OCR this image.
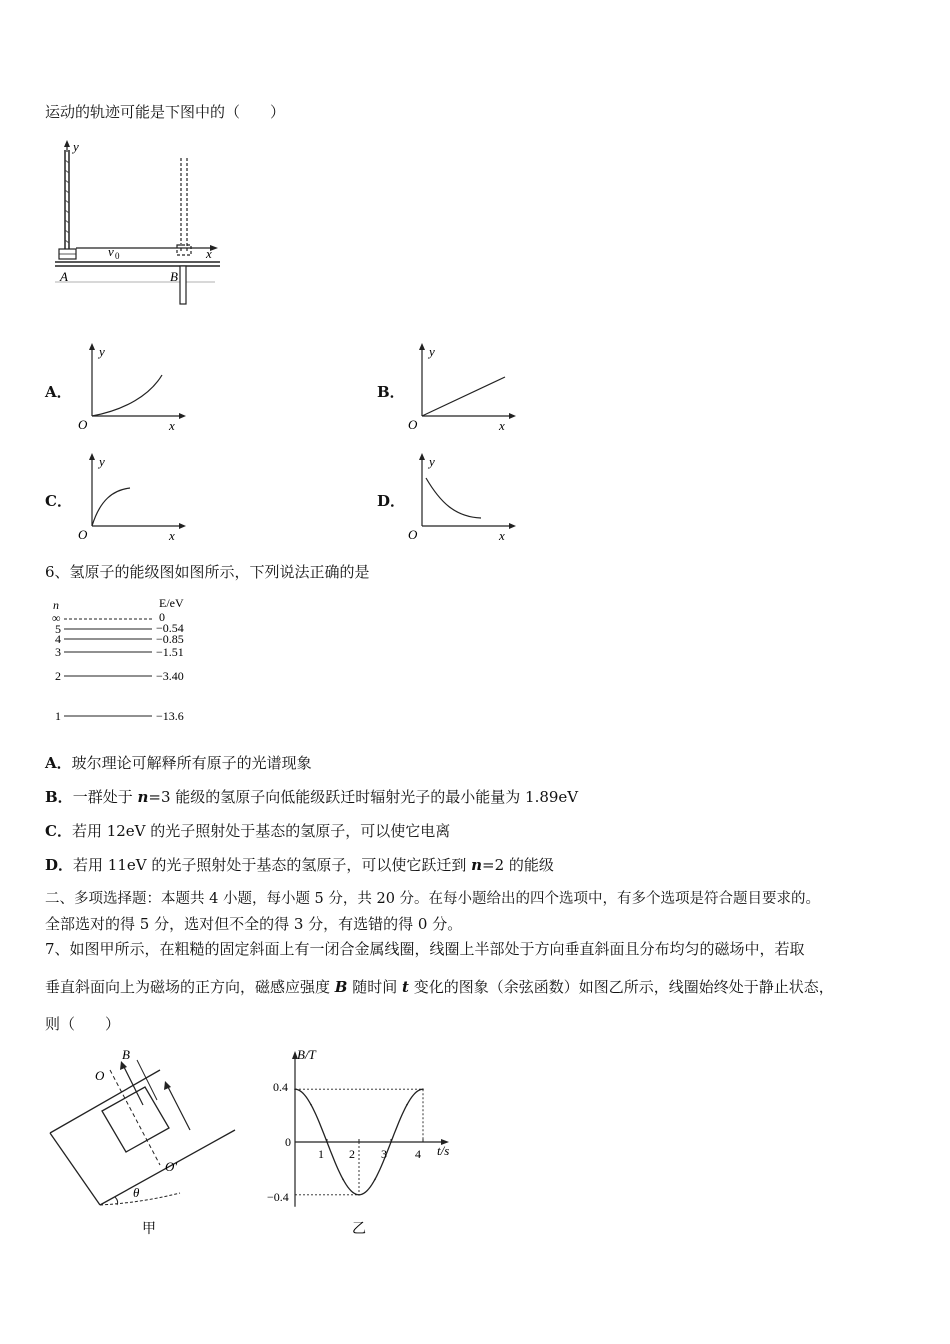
运动的轨迹可能是下图中的（　　）
y
x
v 0
A	B
A．
y
O	x
B．
y
O	x
C．
y
O	x
D．
y
O	x
6、氢原子的能级图如图所示，下列说法正确的是
n	E/eV
∞	0
5	−0.54
4	−0.85
3	−1.51
2	−3.40
1	−13.6
A．玻尔理论可解释所有原子的光谱现象
B．一群处于 n=3 能级的氢原子向低能级跃迁时辐射光子的最小能量为 1.89eV
C．若用 12eV 的光子照射处于基态的氢原子，可以使它电离
D．若用 11eV 的光子照射处于基态的氢原子，可以使它跃迁到 n=2 的能级
二、多项选择题：本题共 4 小题，每小题 5 分，共 20 分。在每小题给出的四个选项中，有多个选项是符合题目要求的。
全部选对的得 5 分，选对但不全的得 3 分，有选错的得 0 分。
7、如图甲所示，在粗糙的固定斜面上有一闭合金属线圈，线圈上半部处于方向垂直斜面且分布均匀的磁场中，若取
垂直斜面向上为磁场的正方向，磁感应强度 B 随时间 t 变化的图象（余弦函数）如图乙所示，线圈始终处于静止状态，
则（　　）
θ
O
O′
B
甲
B/T
t/s
0.4
0
−0.4
1 2 3 4
乙
